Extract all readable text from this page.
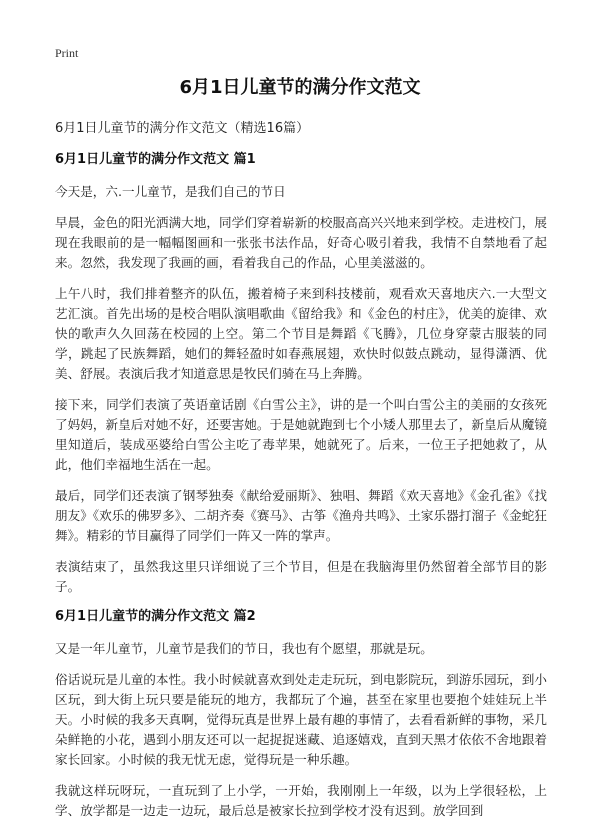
Print
6月1日儿童节的满分作文范文

6月1日儿童节的满分作文范文（精选16篇）

6月1日儿童节的满分作文范文 篇1

今天是，六.一儿童节，是我们自己的节日

早晨，金色的阳光洒满大地，同学们穿着崭新的校服高高兴兴地来到学校。走进校门，展现在我眼前的是一幅幅图画和一张张书法作品，好奇心吸引着我，我情不自禁地看了起来。忽然，我发现了我画的画，看着我自己的作品，心里美滋滋的。

上午八时，我们排着整齐的队伍，搬着椅子来到科技楼前，观看欢天喜地庆六.一大型文艺汇演。首先出场的是校合唱队演唱歌曲《留给我》和《金色的村庄》，优美的旋律、欢快的歌声久久回荡在校园的上空。第二个节目是舞蹈《飞腾》，几位身穿蒙古服装的同学，跳起了民族舞蹈，她们的舞轻盈时如春燕展翅，欢快时似鼓点跳动，显得潇洒、优美、舒展。表演后我才知道意思是牧民们骑在马上奔腾。

接下来，同学们表演了英语童话剧《白雪公主》，讲的是一个叫白雪公主的美丽的女孩死了妈妈，新皇后对她不好，还要害她。于是她就跑到七个小矮人那里去了，新皇后从魔镜里知道后，装成巫婆给白雪公主吃了毒苹果，她就死了。后来，一位王子把她救了，从此，他们幸福地生活在一起。

最后，同学们还表演了钢琴独奏《献给爱丽斯》、独唱、舞蹈《欢天喜地》《金孔雀》《找朋友》《欢乐的佛罗多》、二胡齐奏《赛马》、古筝《渔舟共鸣》、土家乐器打溜子《金蛇狂舞》。精彩的节目赢得了同学们一阵又一阵的掌声。

表演结束了，虽然我这里只详细说了三个节目，但是在我脑海里仍然留着全部节目的影子。

6月1日儿童节的满分作文范文 篇2

又是一年儿童节，儿童节是我们的节日，我也有个愿望，那就是玩。

俗话说玩是儿童的本性。我小时候就喜欢到处走走玩玩，到电影院玩，到游乐园玩，到小区玩，到大街上玩只要是能玩的地方，我都玩了个遍，甚至在家里也要抱个娃娃玩上半天。小时候的我多天真啊，觉得玩真是世界上最有趣的事情了，去看看新鲜的事物，采几朵鲜艳的小花，遇到小朋友还可以一起捉捉迷藏、追逐嬉戏，直到天黑才依依不舍地跟着家长回家。小时候的我无忧无虑，觉得玩是一种乐趣。

我就这样玩呀玩，一直玩到了上小学，一开始，我刚刚上一年级，以为上学很轻松，上学、放学都是一边走一边玩，最后总是被家长拉到学校才没有迟到。放学回到
